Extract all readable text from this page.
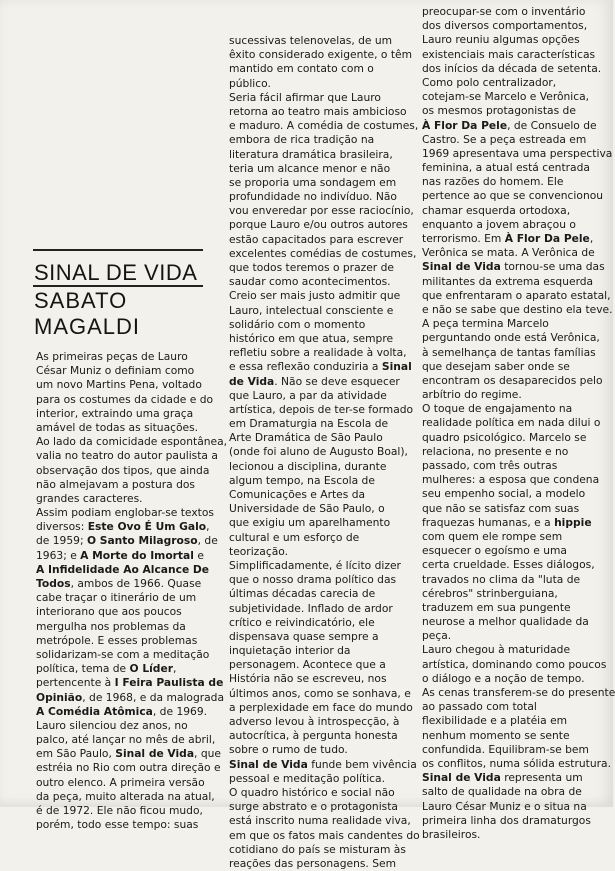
SINAL DE VIDA
SABATO
MAGALDI
As primeiras peças de Lauro
César Muniz o definiam como
um novo Martins Pena, voltado
para os costumes da cidade e do
interior, extraindo uma graça
amável de todas as situações.
Ao lado da comicidade espontânea,
valia no teatro do autor paulista a
observação dos tipos, que ainda
não almejavam a postura dos
grandes caracteres.
Assim podiam englobar-se textos
diversos: Este Ovo É Um Galo,
de 1959; O Santo Milagroso, de
1963; e A Morte do Imortal e
A Infidelidade Ao Alcance De
Todos, ambos de 1966. Quase
cabe traçar o itinerário de um
interiorano que aos poucos
mergulha nos problemas da
metrópole. E esses problemas
solidarizam-se com a meditação
política, tema de O Líder,
pertencente à I Feira Paulista de
Opinião, de 1968, e da malograda
A Comédia Atômica, de 1969.
Lauro silenciou dez anos, no
palco, até lançar no mês de abril,
em São Paulo, Sinal de Vida, que
estréia no Rio com outra direção e
outro elenco. A primeira versão
da peça, muito alterada na atual,
é de 1972. Ele não ficou mudo,
porém, todo esse tempo: suas
sucessivas telenovelas, de um
êxito considerado exigente, o têm
mantido em contato com o
público.
Seria fácil afirmar que Lauro
retorna ao teatro mais ambicioso
e maduro. A comédia de costumes,
embora de rica tradição na
literatura dramática brasileira,
teria um alcance menor e não
se proporia uma sondagem em
profundidade no indivíduo. Não
vou enveredar por esse raciocínio,
porque Lauro e/ou outros autores
estão capacitados para escrever
excelentes comédias de costumes,
que todos teremos o prazer de
saudar como acontecimentos.
Creio ser mais justo admitir que
Lauro, intelectual consciente e
solidário com o momento
histórico em que atua, sempre
refletiu sobre a realidade à volta,
e essa reflexão conduziria a Sinal
de Vida. Não se deve esquecer
que Lauro, a par da atividade
artística, depois de ter-se formado
em Dramaturgia na Escola de
Arte Dramática de São Paulo
(onde foi aluno de Augusto Boal),
lecionou a disciplina, durante
algum tempo, na Escola de
Comunicações e Artes da
Universidade de São Paulo, o
que exigiu um aparelhamento
cultural e um esforço de
teorização.
Simplificadamente, é lícito dizer
que o nosso drama político das
últimas décadas carecia de
subjetividade. Inflado de ardor
crítico e reivindicatório, ele
dispensava quase sempre a
inquietação interior da
personagem. Acontece que a
História não se escreveu, nos
últimos anos, como se sonhava, e
a perplexidade em face do mundo
adverso levou à introspecção, à
autocrítica, à pergunta honesta
sobre o rumo de tudo.
Sinal de Vida funde bem vivência
pessoal e meditação política.
O quadro histórico e social não
surge abstrato e o protagonista
está inscrito numa realidade viva,
em que os fatos mais candentes do
cotidiano do país se misturam às
reações das personagens. Sem
preocupar-se com o inventário
dos diversos comportamentos,
Lauro reuniu algumas opções
existenciais mais características
dos inícios da década de setenta.
Como polo centralizador,
cotejam-se Marcelo e Verônica,
os mesmos protagonistas de
À Flor Da Pele, de Consuelo de
Castro. Se a peça estreada em
1969 apresentava uma perspectiva
feminina, a atual está centrada
nas razões do homem. Ele
pertence ao que se convencionou
chamar esquerda ortodoxa,
enquanto a jovem abraçou o
terrorismo. Em À Flor Da Pele,
Verônica se mata. A Verônica de
Sinal de Vida tornou-se uma das
militantes da extrema esquerda
que enfrentaram o aparato estatal,
e não se sabe que destino ela teve.
A peça termina Marcelo
perguntando onde está Verônica,
à semelhança de tantas famílias
que desejam saber onde se
encontram os desaparecidos pelo
arbítrio do regime.
O toque de engajamento na
realidade política em nada dilui o
quadro psicológico. Marcelo se
relaciona, no presente e no
passado, com três outras
mulheres: a esposa que condena
seu empenho social, a modelo
que não se satisfaz com suas
fraquezas humanas, e a hippie
com quem ele rompe sem
esquecer o egoísmo e uma
certa crueldade. Esses diálogos,
travados no clima da "luta de
cérebros" strinberguiana,
traduzem em sua pungente
neurose a melhor qualidade da
peça.
Lauro chegou à maturidade
artística, dominando como poucos
o diálogo e a noção de tempo.
As cenas transferem-se do presente
ao passado com total
flexibilidade e a platéia em
nenhum momento se sente
confundida. Equilibram-se bem
os conflitos, numa sólida estrutura.
Sinal de Vida representa um
salto de qualidade na obra de
Lauro César Muniz e o situa na
primeira linha dos dramaturgos
brasileiros.
